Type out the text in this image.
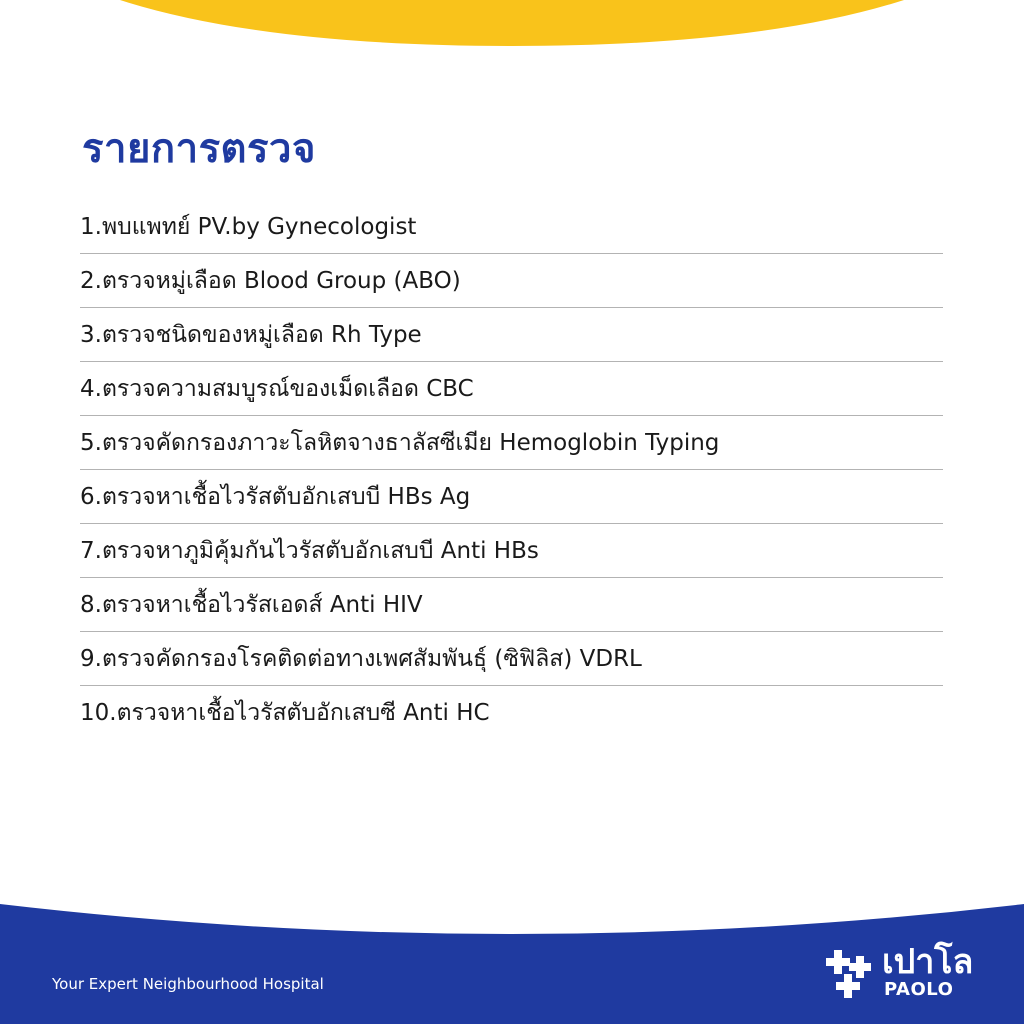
รายการตรวจ
1.พบแพทย์ PV.by Gynecologist
2.ตรวจหมู่เลือด Blood Group (ABO)
3.ตรวจชนิดของหมู่เลือด Rh Type
4.ตรวจความสมบูรณ์ของเม็ดเลือด CBC
5.ตรวจคัดกรองภาวะโลหิตจางธาลัสซีเมีย Hemoglobin Typing
6.ตรวจหาเชื้อไวรัสตับอักเสบบี HBs Ag
7.ตรวจหาภูมิคุ้มกันไวรัสตับอักเสบบี Anti HBs
8.ตรวจหาเชื้อไวรัสเอดส์ Anti HIV
9.ตรวจคัดกรองโรคติดต่อทางเพศสัมพันธุ์ (ซิฟิลิส) VDRL
10.ตรวจหาเชื้อไวรัสตับอักเสบซี Anti HC
Your Expert Neighbourhood Hospital
เปาโล
PAOLO
